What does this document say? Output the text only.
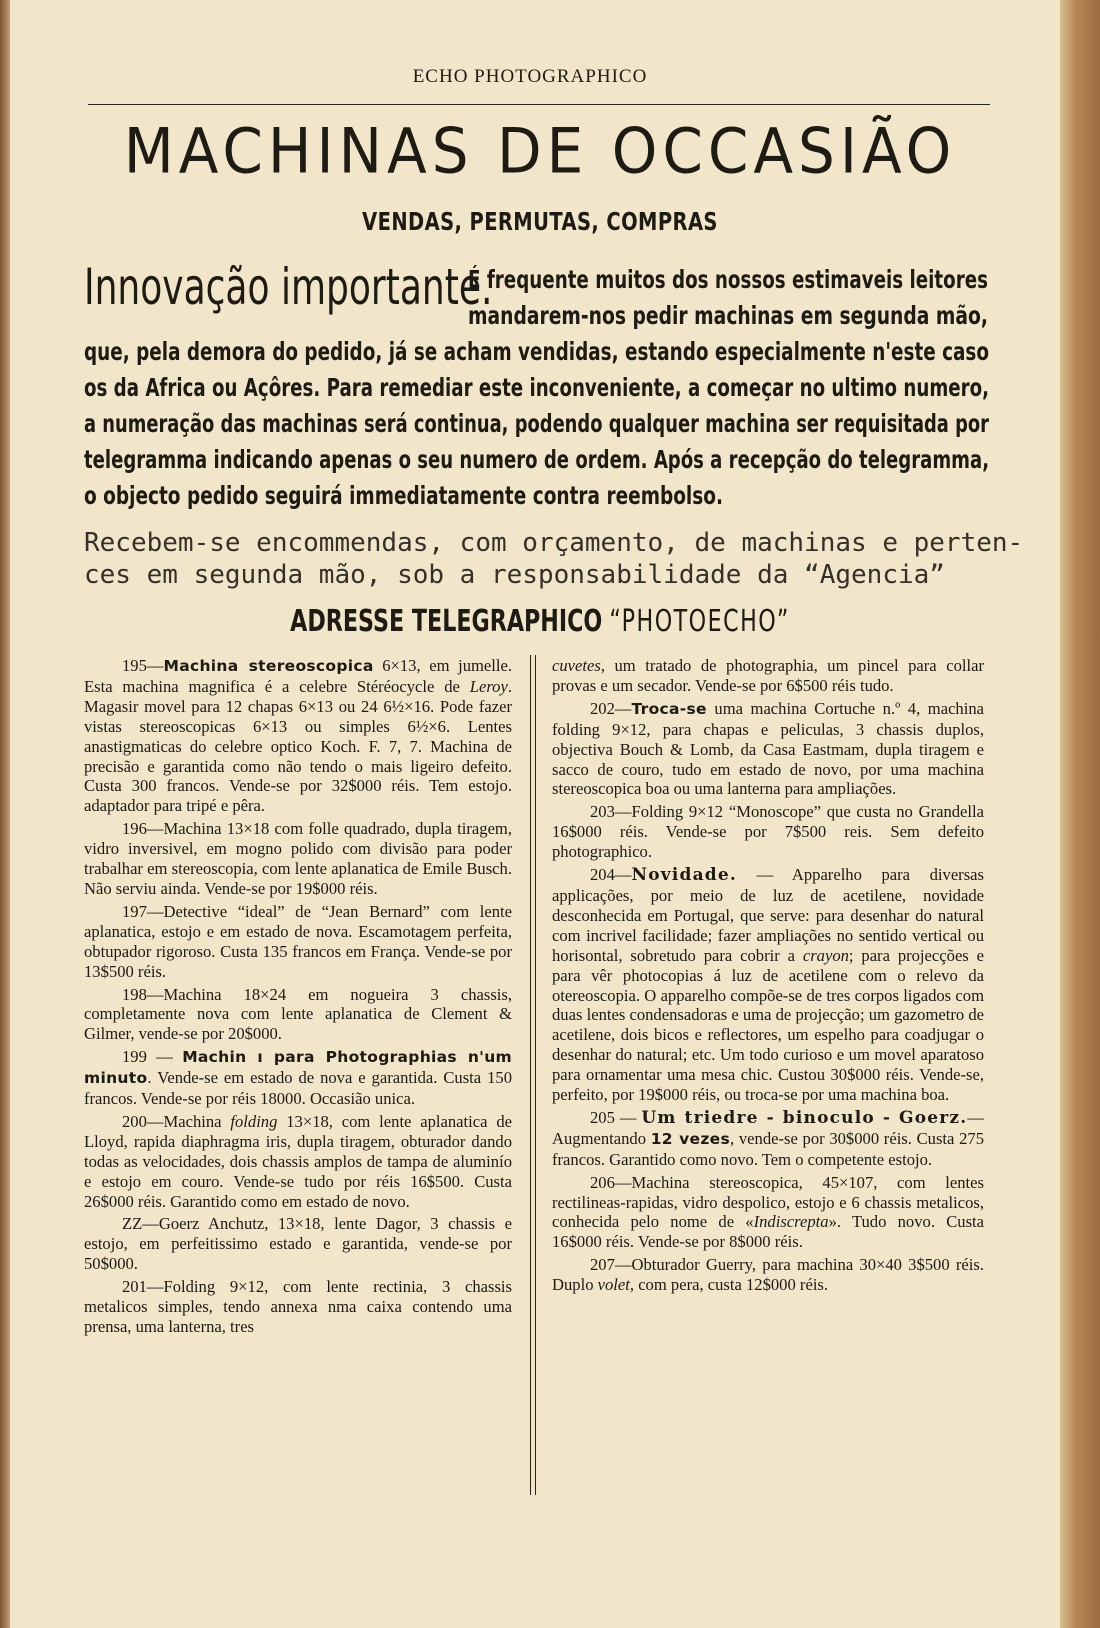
ECHO PHOTOGRAPHICO
MACHINAS DE OCCASIÃO
VENDAS, PERMUTAS, COMPRAS
Innovação importante.
É frequente muitos dos nossos estimaveis leitores
mandarem-nos pedir machinas em segunda mão,
que, pela demora do pedido, já se acham vendidas, estando especialmente n'este caso
os da Africa ou Açôres. Para remediar este inconveniente, a começar no ultimo numero,
a numeração das machinas será continua, podendo qualquer machina ser requisitada por
telegramma indicando apenas o seu numero de ordem. Após a recepção do telegramma,
o objecto pedido seguirá immediatamente contra reembolso.
Recebem-se encommendas, com orçamento, de machinas e perten-
ces em segunda mão, sob a responsabilidade da “Agencia”
ADRESSE TELEGRAPHICO “PHOTOECHO”

195—Machina stereoscopica 6×13, em jumelle. Esta machina magnifica é a celebre Stéréocycle de Leroy. Magasir movel para 12 chapas 6×13 ou 24 6½×16. Pode fazer vistas stereoscopicas 6×13 ou simples 6½×6. Lentes anastigmaticas do celebre optico Koch. F. 7, 7. Machina de precisão e garantida como não tendo o mais ligeiro defeito. Custa 300 francos. Vende-se por 32$000 réis. Tem estojo. adaptador para tripé e pêra.

196—Machina 13×18 com folle quadrado, dupla tiragem, vidro inversivel, em mogno polido com divisão para poder trabalhar em stereoscopia, com lente aplanatica de Emile Busch. Não serviu ainda. Vende-se por 19$000 réis.

197—Detective “ideal” de “Jean Bernard” com lente aplanatica, estojo e em estado de nova. Escamotagem perfeita, obtupador rigoroso. Custa 135 francos em França. Vende-se por 13$500 réis.

198—Machina 18×24 em nogueira 3 chassis, completamente nova com lente aplanatica de Clement & Gilmer, vende-se por 20$000.

199 — Machin ı para Photographias n'um minuto. Vende-se em estado de nova e garantida. Custa 150 francos. Vende-se por réis 18000. Occasião unica.

200—Machina folding 13×18, com lente aplanatica de Lloyd, rapida diaphragma iris, dupla tiragem, obturador dando todas as velocidades, dois chassis amplos de tampa de aluminío e estojo em couro. Vende-se tudo por réis 16$500. Custa 26$000 réis. Garantido como em estado de novo.

ZZ—Goerz Anchutz, 13×18, lente Dagor, 3 chassis e estojo, em perfeitissimo estado e garantida, vende-se por 50$000.

201—Folding 9×12, com lente rectinia, 3 chassis metalicos simples, tendo annexa nma caixa contendo uma prensa, uma lanterna, tres

cuvetes, um tratado de photographia, um pincel para collar provas e um secador. Vende-se por 6$500 réis tudo.

202—Troca-se uma machina Cortuche n.º 4, machina folding 9×12, para chapas e peliculas, 3 chassis duplos, objectiva Bouch & Lomb, da Casa Eastmam, dupla tiragem e sacco de couro, tudo em estado de novo, por uma machina stereoscopica boa ou uma lanterna para ampliações.

203—Folding 9×12 “Monoscope” que custa no Grandella 16$000 réis. Vende-se por 7$500 reis. Sem defeito photographico.

204—Novidade. — Apparelho para diversas applicações, por meio de luz de acetilene, novidade desconhecida em Portugal, que serve: para desenhar do natural com incrivel facilidade; fazer ampliações no sentido vertical ou horisontal, sobretudo para cobrir a crayon; para projecções e para vêr photocopias á luz de acetilene com o relevo da otereoscopia. O apparelho compõe-se de tres corpos ligados com duas lentes condensadoras e uma de projecção; um gazometro de acetilene, dois bicos e reflectores, um espelho para coadjugar o desenhar do natural; etc. Um todo curioso e um movel aparatoso para ornamentar uma mesa chic. Custou 30$000 réis. Vende-se, perfeito, por 19$000 réis, ou troca-se por uma machina boa.

205 — Um triedre - binoculo - Goerz.—Augmentando 12 vezes, vende-se por 30$000 réis. Custa 275 francos. Garantido como novo. Tem o competente estojo.

206—Machina stereoscopica, 45×107, com lentes rectilineas-rapidas, vidro despolico, estojo e 6 chassis metalicos, conhecida pelo nome de «Indiscrepta». Tudo novo. Custa 16$000 réis. Vende-se por 8$000 réis.

207—Obturador Guerry, para machina 30×40 3$500 réis. Duplo volet, com pera, custa 12$000 réis.
